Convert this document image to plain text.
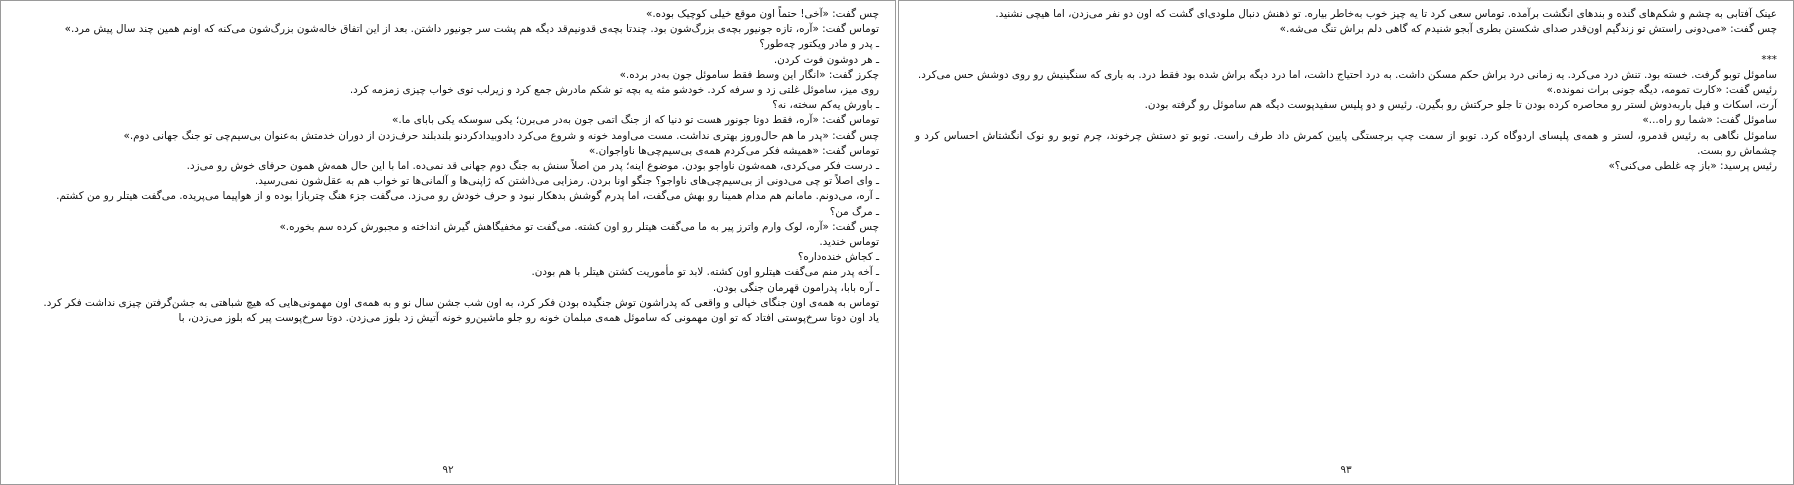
چس گفت: «آخی! حتماً اون موقع خیلی کوچیک بوده.»

توماس گفت: «آره، تازه جونیور بچه‌ی بزرگ‌شون بود. چندتا بچه‌ی قدونیم‌قد دیگه هم پشت سر جونیور داشتن. بعد از این اتفاق خاله‌شون بزرگ‌شون می‌کنه که اونم همین چند سال پیش مرد.»

ـ پدر و مادر ویکتور چه‌طور؟

ـ هر دوشون فوت کردن.

چکرز گفت: «انگار این وسط فقط ساموئل جون به‌در برده.»

روی میز، ساموئل غلتی زد و سرفه کرد. خودشو مثه یه بچه تو شکم مادرش جمع کرد و زیرلب توی خواب چیزی زمزمه کرد.

ـ باورش یه‌کم سخته، نه؟

توماس گفت: «آره، فقط دوتا جونور هست تو دنیا که از جنگ اتمی جون به‌در می‌برن؛ یکی سوسکه یکی بابای ما.»

چس گفت: «پدر ما هم حال‌وروز بهتری نداشت. مست می‌اومد خونه و شروع می‌کرد دادوبیدادکردنو بلندبلند حرف‌زدن از دوران خدمتش به‌عنوان بی‌سیم‌چی تو جنگ جهانی دوم.»

توماس گفت: «همیشه فکر می‌کردم همه‌ی بی‌سیم‌چی‌ها ناواجوان.»

ـ درست فکر می‌کردی، همه‌شون ناواجو بودن. موضوع اینه؛ پدر من اصلاً سنش به جنگ دوم جهانی قد نمی‌ده. اما با این حال همه‌ش همون حرفای خوش رو می‌زد.

ـ وای اصلاً تو چی می‌دونی از بی‌سیم‌چی‌های ناواجو؟ جنگو اونا بردن. رمزایی می‌ذاشتن که ژاپنی‌ها و آلمانی‌ها تو خواب هم به عقل‌شون نمی‌رسید.

ـ آره، می‌دونم. مامانم هم مدام همینا رو بهش می‌گفت، اما پدرم گوشش بدهکار نبود و حرف خودش رو می‌زد. می‌گفت جزء هنگ چتربازا بوده و از هواپیما می‌پریده. می‌گفت هیتلر رو من کشتم.

ـ مرگ من؟

چس گفت: «آره، لوک وارم واترز پیر به ما می‌گفت هیتلر رو اون کشته. می‌گفت تو مخفیگاهش گیرش انداخته و مجبورش کرده سم بخوره.»

توماس خندید.

ـ کجاش خنده‌داره؟

ـ آخه پدر منم می‌گفت هیتلرو اون کشته. لابد تو مأموریت کشتن هیتلر با هم بودن.

ـ آره بابا، پدرامون قهرمان جنگی بودن.

توماس به همه‌ی اون جنگای خیالی و واقعی که پدراشون توش جنگیده بودن فکر کرد، به اون شب جشن سال نو و به همه‌ی اون مهمونی‌هایی که هیچ شباهتی به جشن‌گرفتن چیزی نداشت فکر کرد.

یاد اون دوتا سرخ‌پوستی افتاد که تو اون مهمونی که ساموئل همه‌ی مبلمان خونه رو جلو ماشین‌رو خونه آتیش زد بلوز می‌زدن. دوتا سرخ‌پوست پیر که بلوز می‌زدن، با

۹۲

عینک آفتابی به چشم و شکم‌های گنده و بندهای انگشت برآمده. توماس سعی کرد تا یه چیز خوب به‌خاطر بیاره. تو ذهنش دنبال ملودی‌ای گشت که اون دو نفر می‌زدن، اما هیچی نشنید.

چس گفت: «می‌دونی راستش تو زندگیم اون‌قدر صدای شکستن بطری آبجو شنیدم که گاهی دلم براش تنگ می‌شه.»

***

ساموئل توبو گرفت. خسته بود. تنش درد می‌کرد. یه زمانی درد براش حکم مسکن داشت. به درد احتیاج داشت، اما درد دیگه براش شده بود فقط درد. به باری که سنگینیش رو روی دوشش حس می‌کرد.

رئیس گفت: «کارت تمومه، دیگه جونی برات نمونده.»

آرت، اسکات و فیل باربه‌دوش لستر رو محاصره کرده بودن تا جلو حرکتش رو بگیرن. رئیس و دو پلیس سفیدپوست دیگه هم ساموئل رو گرفته بودن.

ساموئل گفت: «شما رو راه...»

ساموئل نگاهی به رئیس قدمرو، لستر و همه‌ی پلیسای اردوگاه کرد. توبو از سمت چپ برجستگی پایین کمرش داد طرف راست. توبو تو دستش چرخوند، چرم توبو رو نوک انگشتاش احساس کرد و چشماش رو بست.

رئیس پرسید: «باز چه غلطی می‌کنی؟»

۹۳
